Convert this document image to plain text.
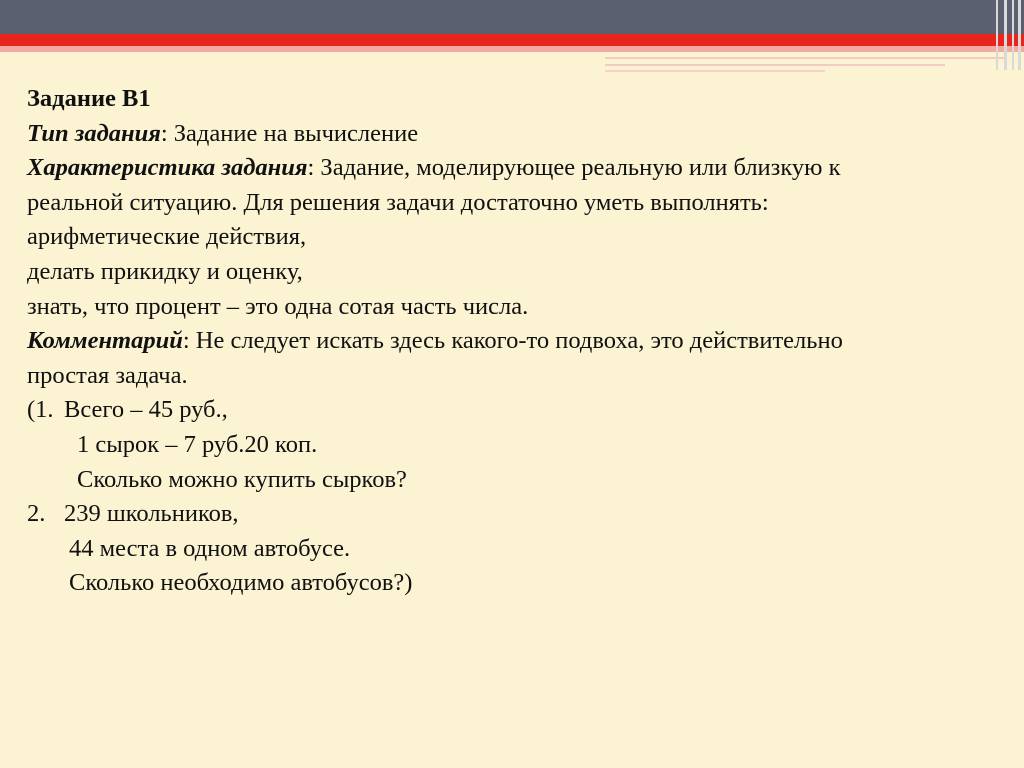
Задание В1
Тип задания: Задание на вычисление
Характеристика задания: Задание, моделирующее реальную или близкую к
реальной ситуацию. Для решения задачи достаточно уметь выполнять:
арифметические действия,
делать прикидку и оценку,
знать, что процент – это одна сотая часть числа.
Комментарий: Не следует искать здесь какого-то подвоха, это действительно
простая задача.
(1. Всего – 45 руб.,
1 сырок – 7 руб.20 коп.
Сколько можно купить сырков?
2. 239 школьников,
44 места в одном автобусе.
Сколько необходимо автобусов?)
